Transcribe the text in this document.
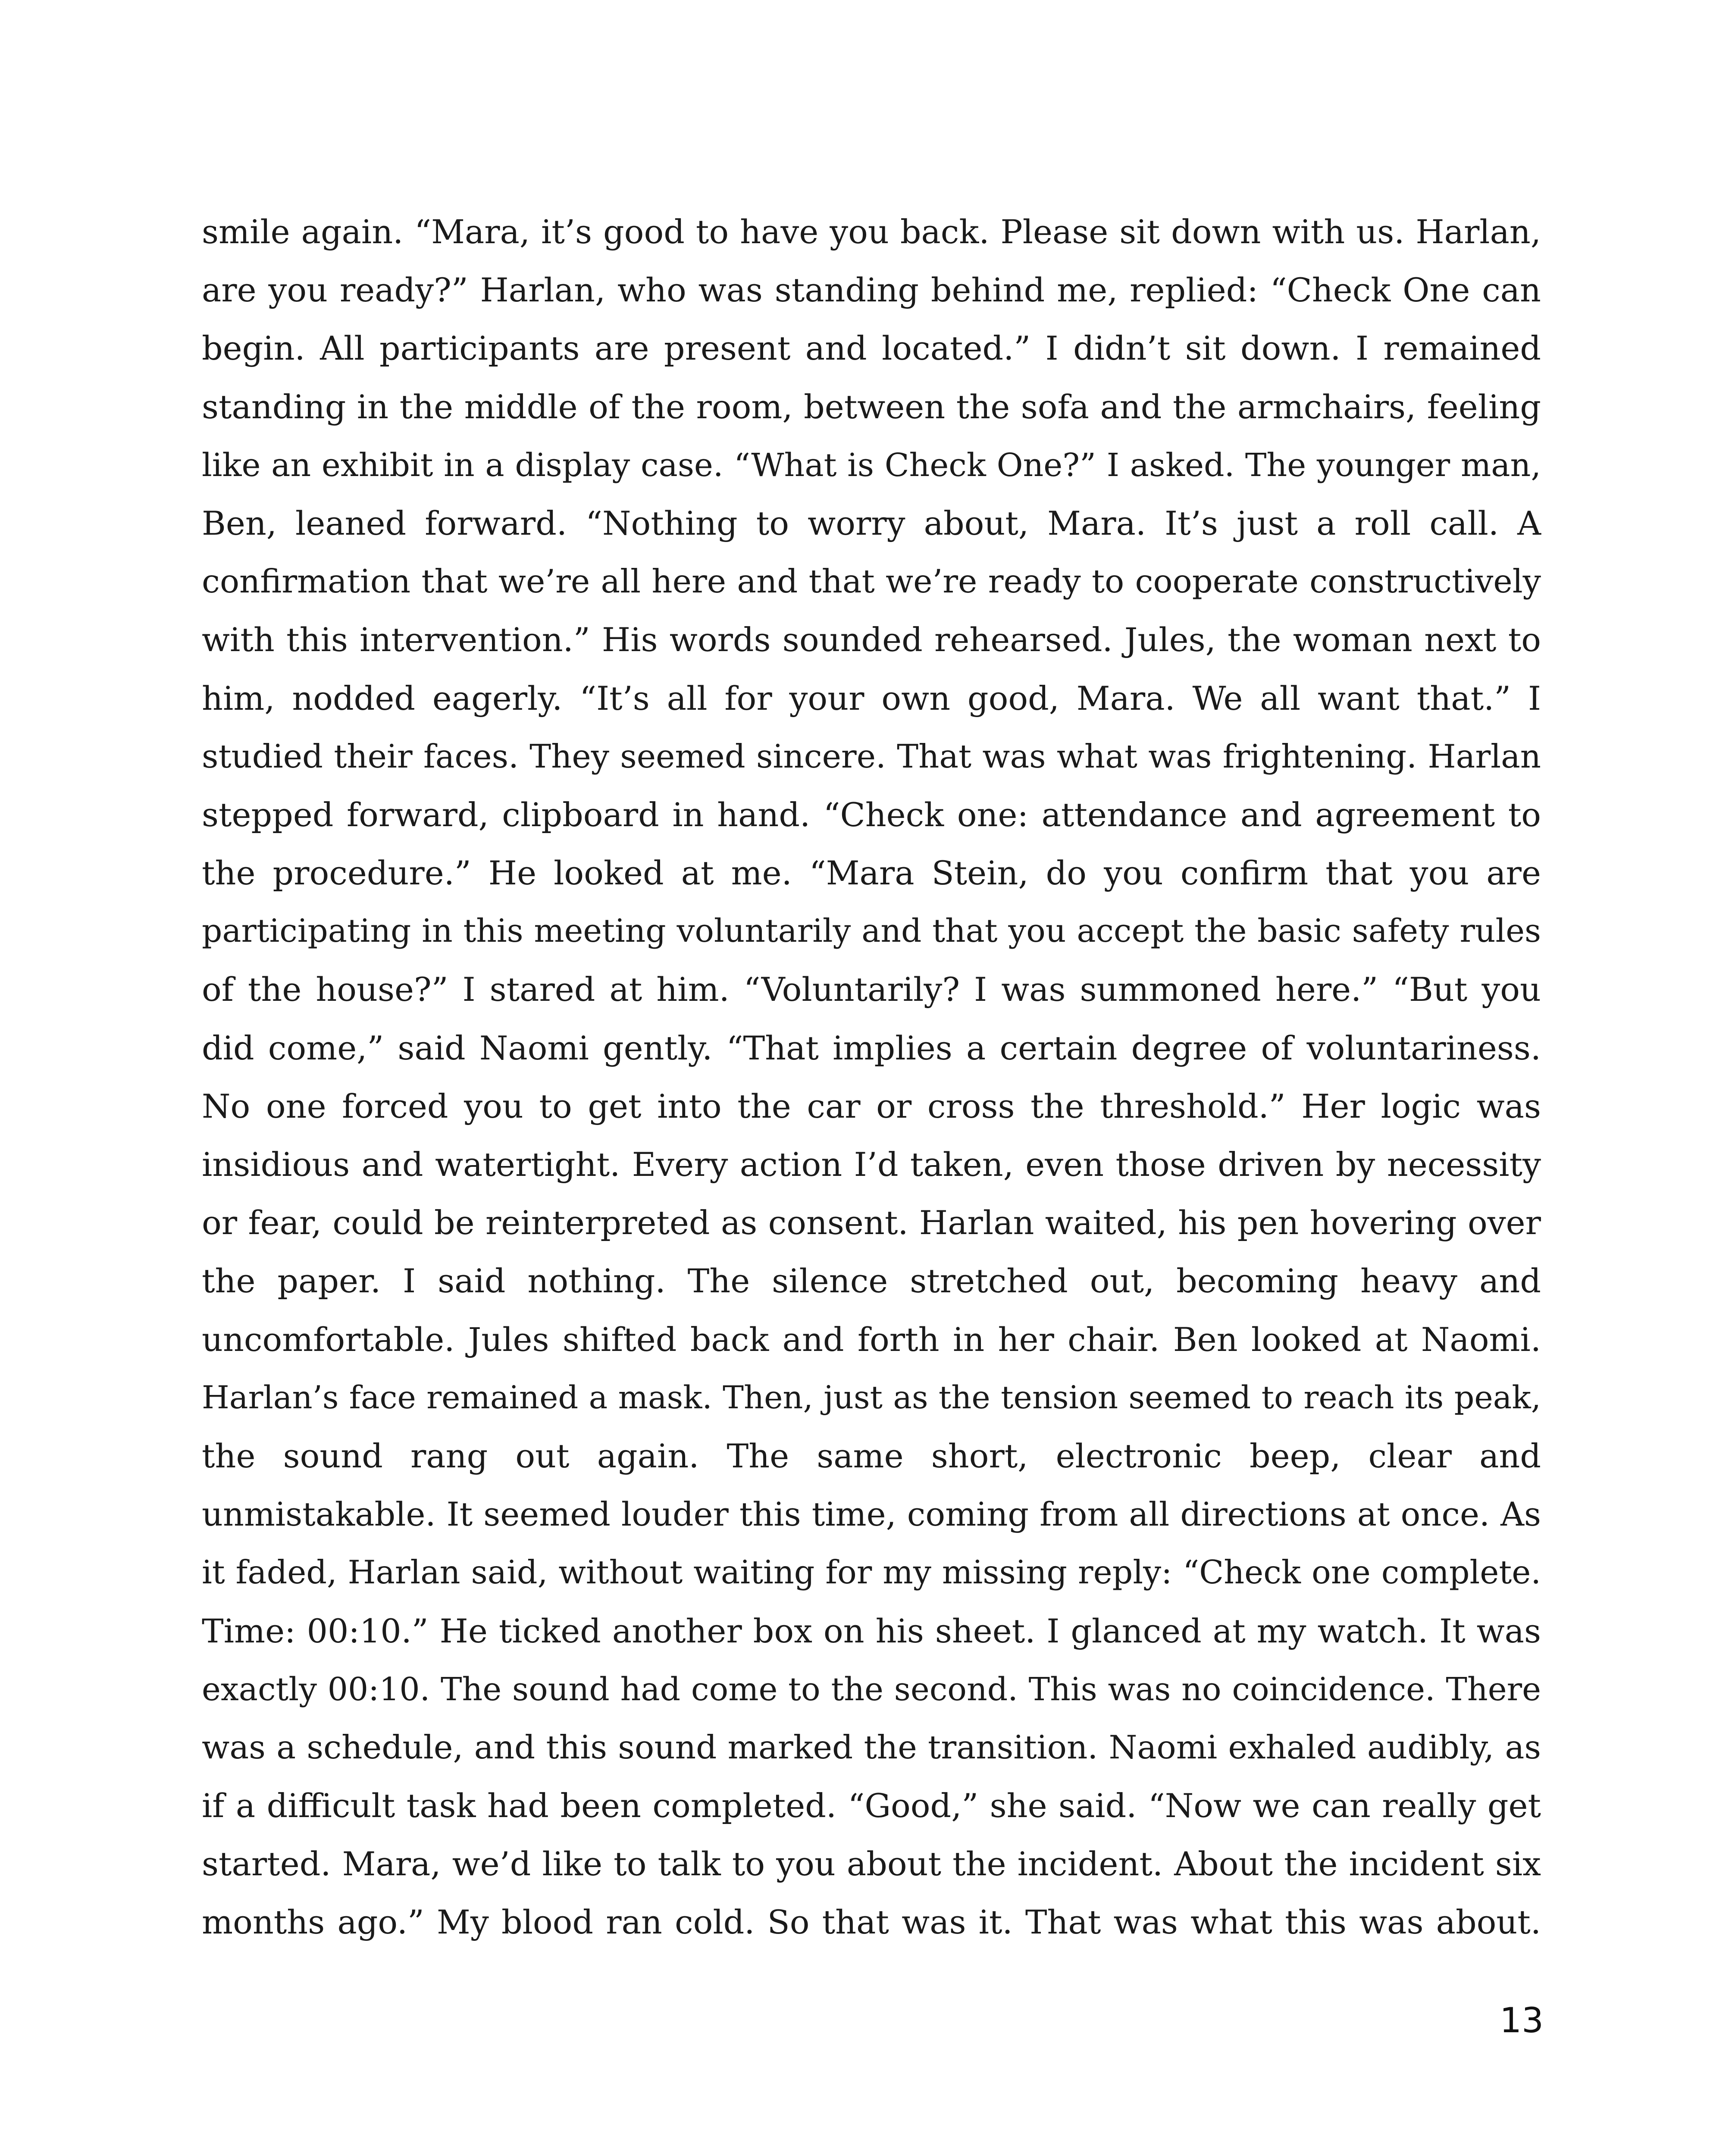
smile again. “Mara, it’s good to have you back. Please sit down with us. Harlan,
are you ready?” Harlan, who was standing behind me, replied: “Check One can
begin. All participants are present and located.” I didn’t sit down. I remained
standing in the middle of the room, between the sofa and the armchairs, feeling
like an exhibit in a display case. “What is Check One?” I asked. The younger man,
Ben, leaned forward. “Nothing to worry about, Mara. It’s just a roll call. A
confirmation that we’re all here and that we’re ready to cooperate constructively
with this intervention.” His words sounded rehearsed. Jules, the woman next to
him, nodded eagerly. “It’s all for your own good, Mara. We all want that.” I
studied their faces. They seemed sincere. That was what was frightening. Harlan
stepped forward, clipboard in hand. “Check one: attendance and agreement to
the procedure.” He looked at me. “Mara Stein, do you confirm that you are
participating in this meeting voluntarily and that you accept the basic safety rules
of the house?” I stared at him. “Voluntarily? I was summoned here.” “But you
did come,” said Naomi gently. “That implies a certain degree of voluntariness.
No one forced you to get into the car or cross the threshold.” Her logic was
insidious and watertight. Every action I’d taken, even those driven by necessity
or fear, could be reinterpreted as consent. Harlan waited, his pen hovering over
the paper. I said nothing. The silence stretched out, becoming heavy and
uncomfortable. Jules shifted back and forth in her chair. Ben looked at Naomi.
Harlan’s face remained a mask. Then, just as the tension seemed to reach its peak,
the sound rang out again. The same short, electronic beep, clear and
unmistakable. It seemed louder this time, coming from all directions at once. As
it faded, Harlan said, without waiting for my missing reply: “Check one complete.
Time: 00:10.” He ticked another box on his sheet. I glanced at my watch. It was
exactly 00:10. The sound had come to the second. This was no coincidence. There
was a schedule, and this sound marked the transition. Naomi exhaled audibly, as
if a difficult task had been completed. “Good,” she said. “Now we can really get
started. Mara, we’d like to talk to you about the incident. About the incident six
months ago.” My blood ran cold. So that was it. That was what this was about.

13
